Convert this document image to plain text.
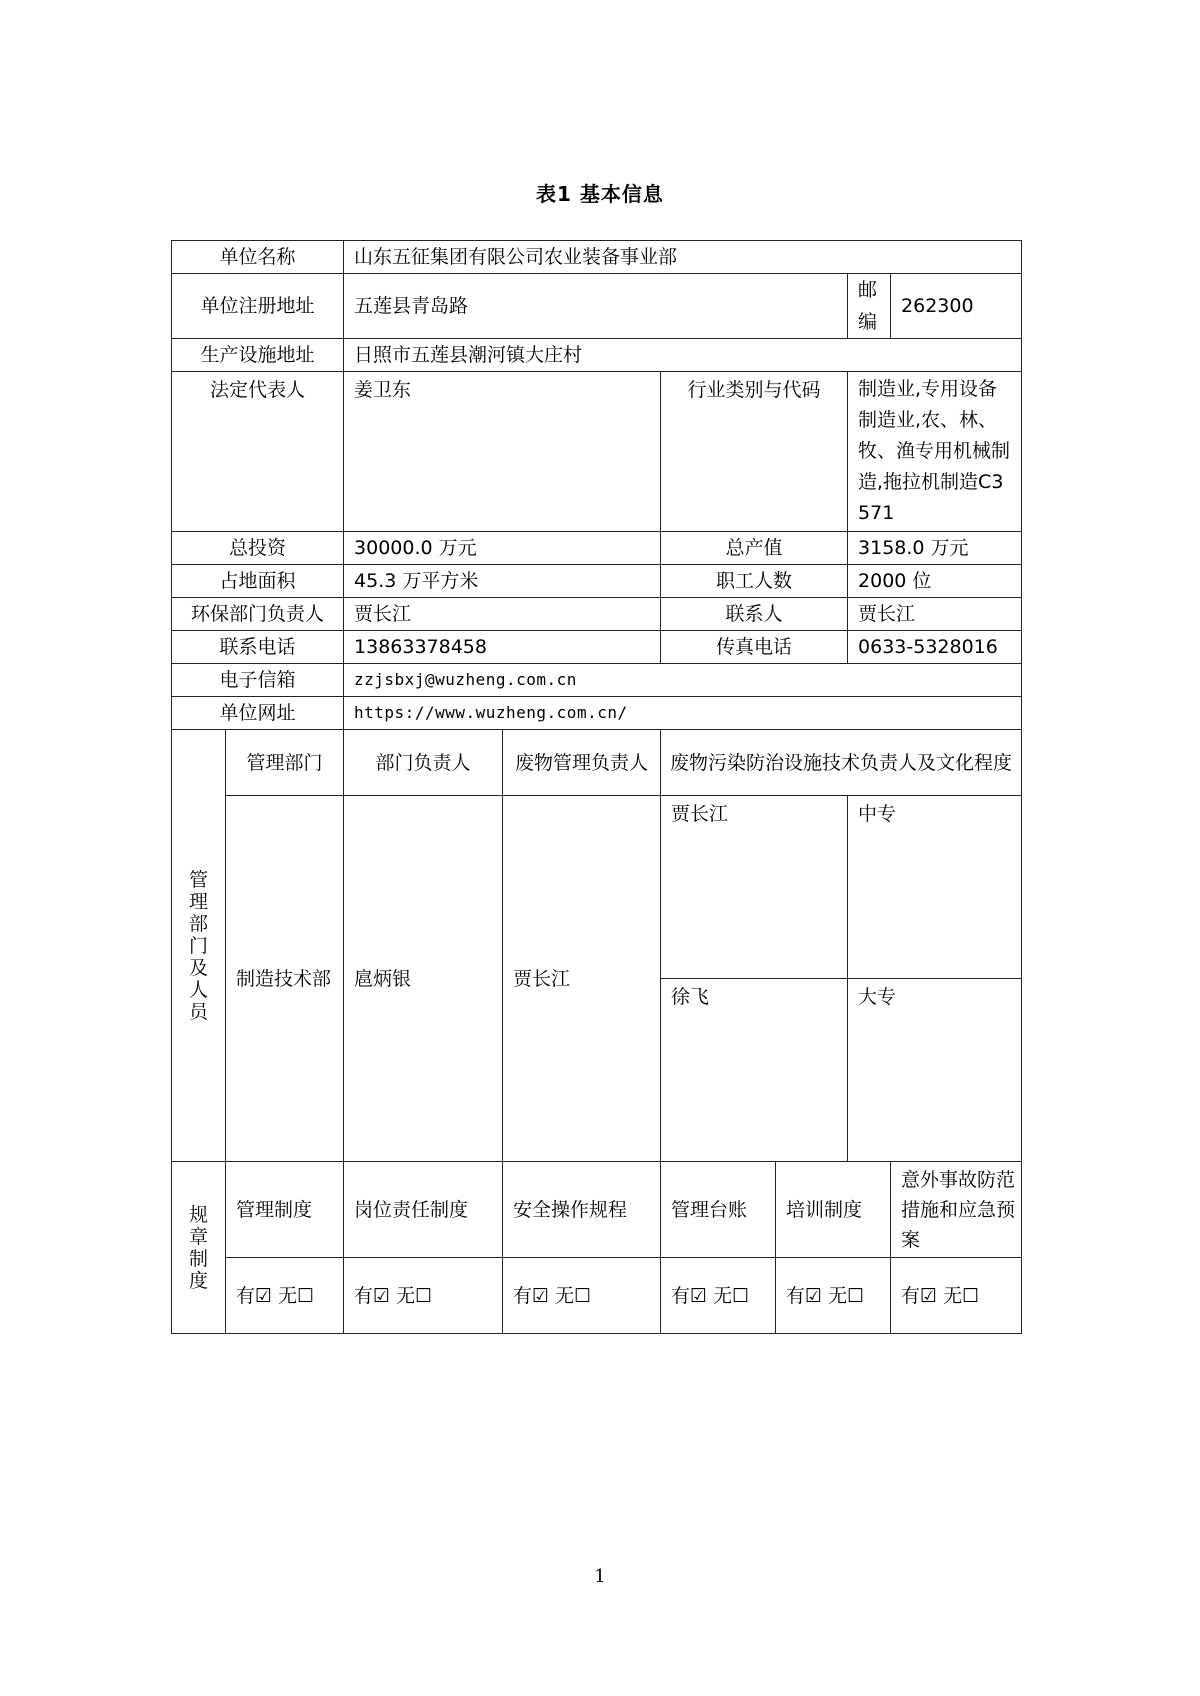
表1 基本信息
单位名称		山东五征集团有限公司农业装备事业部						
单位注册地址		五莲县青岛路				邮编	262300	
生产设施地址		日照市五莲县潮河镇大庄村						
法定代表人		姜卫东		行业类别与代码		制造业,专用设备制造业,农、林、牧、渔专用机械制造,拖拉机制造C3571		
总投资		30000.0 万元		总产值		3158.0 万元		
占地面积		45.3 万平方米		职工人数		2000 位		
环保部门负责人		贾长江		联系人		贾长江		
联系电话		13863378458		传真电话		0633-5328016		
电子信箱		zzjsbxj@wuzheng.com.cn						
单位网址		https://www.wuzheng.com.cn/						

管理部门及人员	管理部门	部门负责人	废物管理负责人	废物污染防治设施技术负责人及文化程度				
	制造技术部	扈炳银	贾长江	贾长江		中专	
				徐飞		大专	

规章制度	管理制度	岗位责任制度	安全操作规程	管理台账	培训制度		意外事故防范措施和应急预案	
	有☑ 无☐	有☑ 无☐	有☑ 无☐	有☑ 无☐	有☑ 无☐		有☑ 无☐	
1
